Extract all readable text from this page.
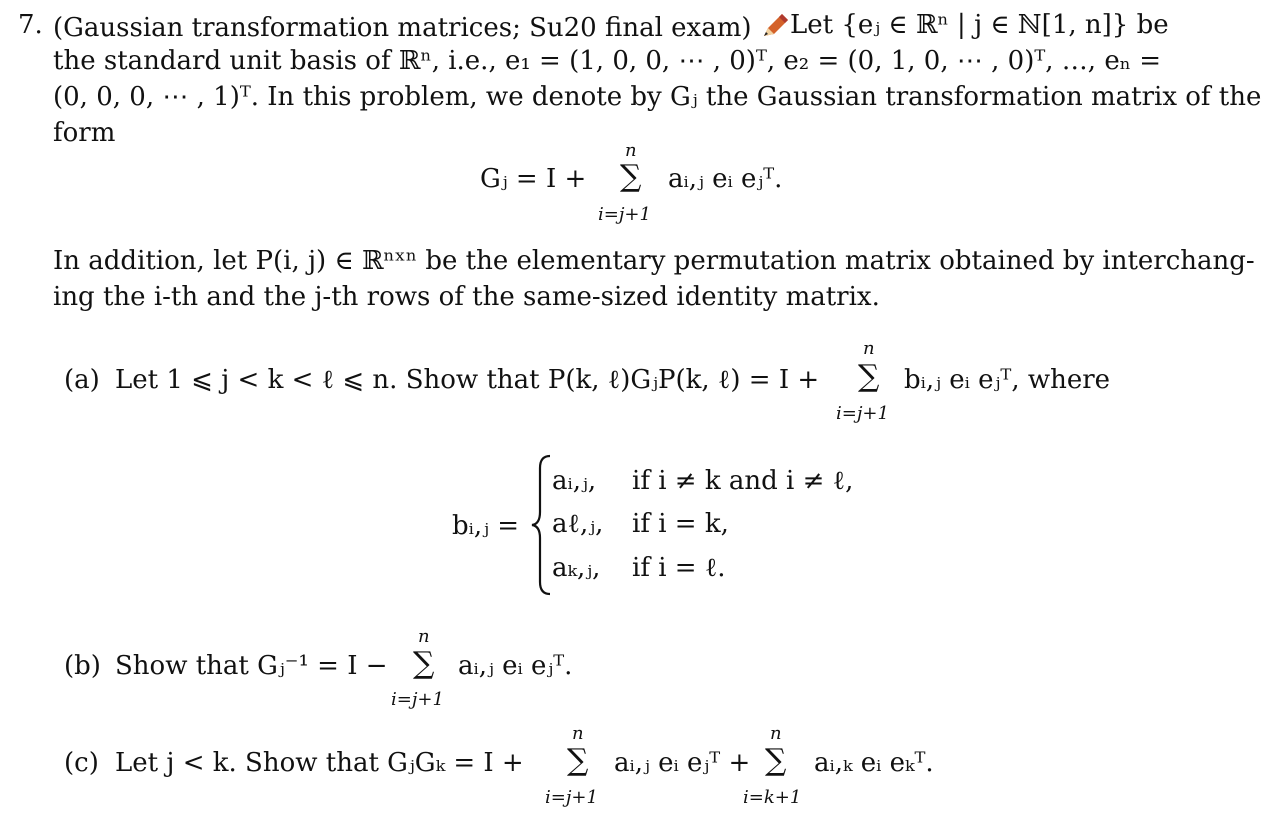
7. (Gaussian transformation matrices; Su20 final exam)	Let {eⱼ ∈ ℝⁿ | j ∈ ℕ[1, n]} be
the standard unit basis of ℝⁿ, i.e., e₁ = (1, 0, 0, ⋯ , 0)ᵀ, e₂ = (0, 1, 0, ⋯ , 0)ᵀ, …, eₙ =
(0, 0, 0, ⋯ , 1)ᵀ. In this problem, we denote by Gⱼ the Gaussian transformation matrix of the
form
Gⱼ = I +
n
∑
i=j+1
aᵢ,ⱼ eᵢ eⱼᵀ.
In addition, let P(i, j) ∈ ℝⁿˣⁿ be the elementary permutation matrix obtained by interchang-
ing the i-th and the j-th rows of the same-sized identity matrix.
(a) Let 1 ⩽ j < k < ℓ ⩽ n. Show that P(k, ℓ)GⱼP(k, ℓ) = I +
n
∑
i=j+1
bᵢ,ⱼ eᵢ eⱼᵀ, where
bᵢ,ⱼ =
aᵢ,ⱼ, if i ≠ k and i ≠ ℓ,
aℓ,ⱼ, if i = k,
aₖ,ⱼ, if i = ℓ.
(b) Show that Gⱼ⁻¹ = I −
n
∑
i=j+1
aᵢ,ⱼ eᵢ eⱼᵀ.
(c) Let j < k. Show that GⱼGₖ = I +
n
∑
i=j+1
aᵢ,ⱼ eᵢ eⱼᵀ +
n
∑
i=k+1
aᵢ,ₖ eᵢ eₖᵀ.
